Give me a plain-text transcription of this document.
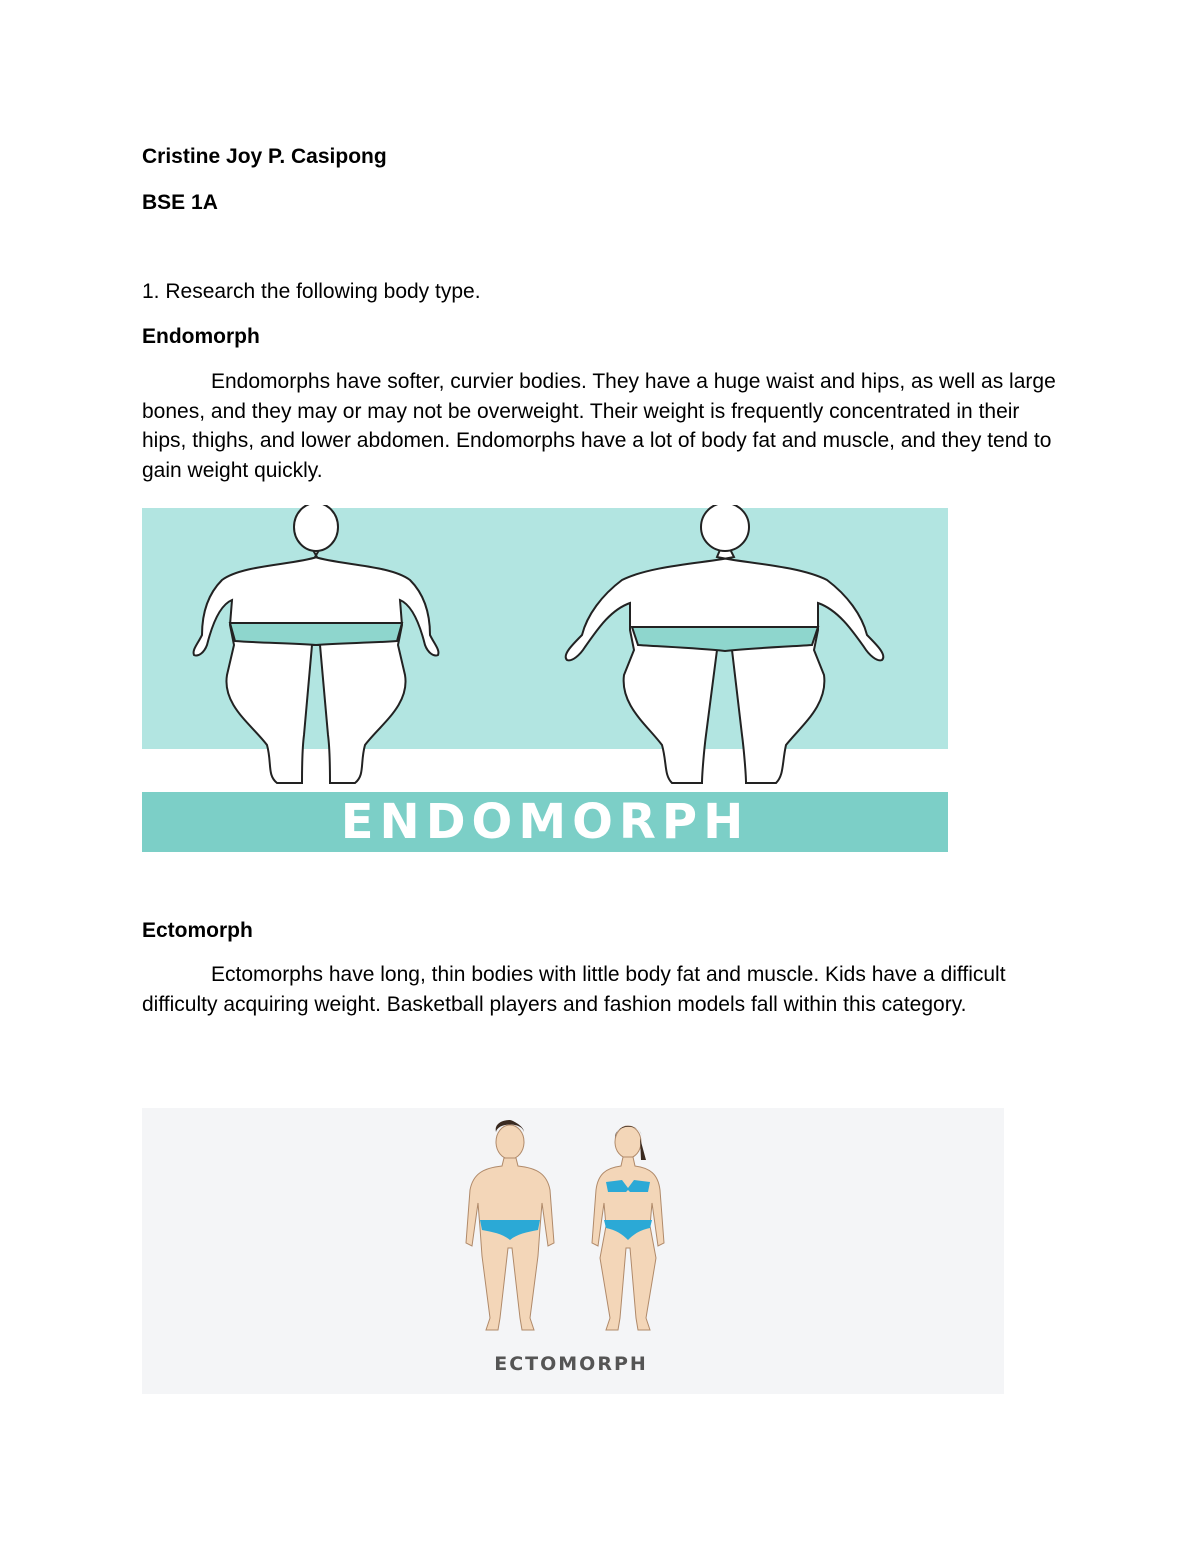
Cristine Joy P. Casipong

BSE 1A

1. Research the following body type.

Endomorph

Endomorphs have softer, curvier bodies. They have a huge waist and hips, as well as large bones, and they may or may not be overweight. Their weight is frequently concentrated in their hips, thighs, and lower abdomen. Endomorphs have a lot of body fat and muscle, and they tend to gain weight quickly.

ENDOMORPH

Ectomorph

Ectomorphs have long, thin bodies with little body fat and muscle. Kids have a difficult difficulty acquiring weight. Basketball players and fashion models fall within this category.

ECTOMORPH
